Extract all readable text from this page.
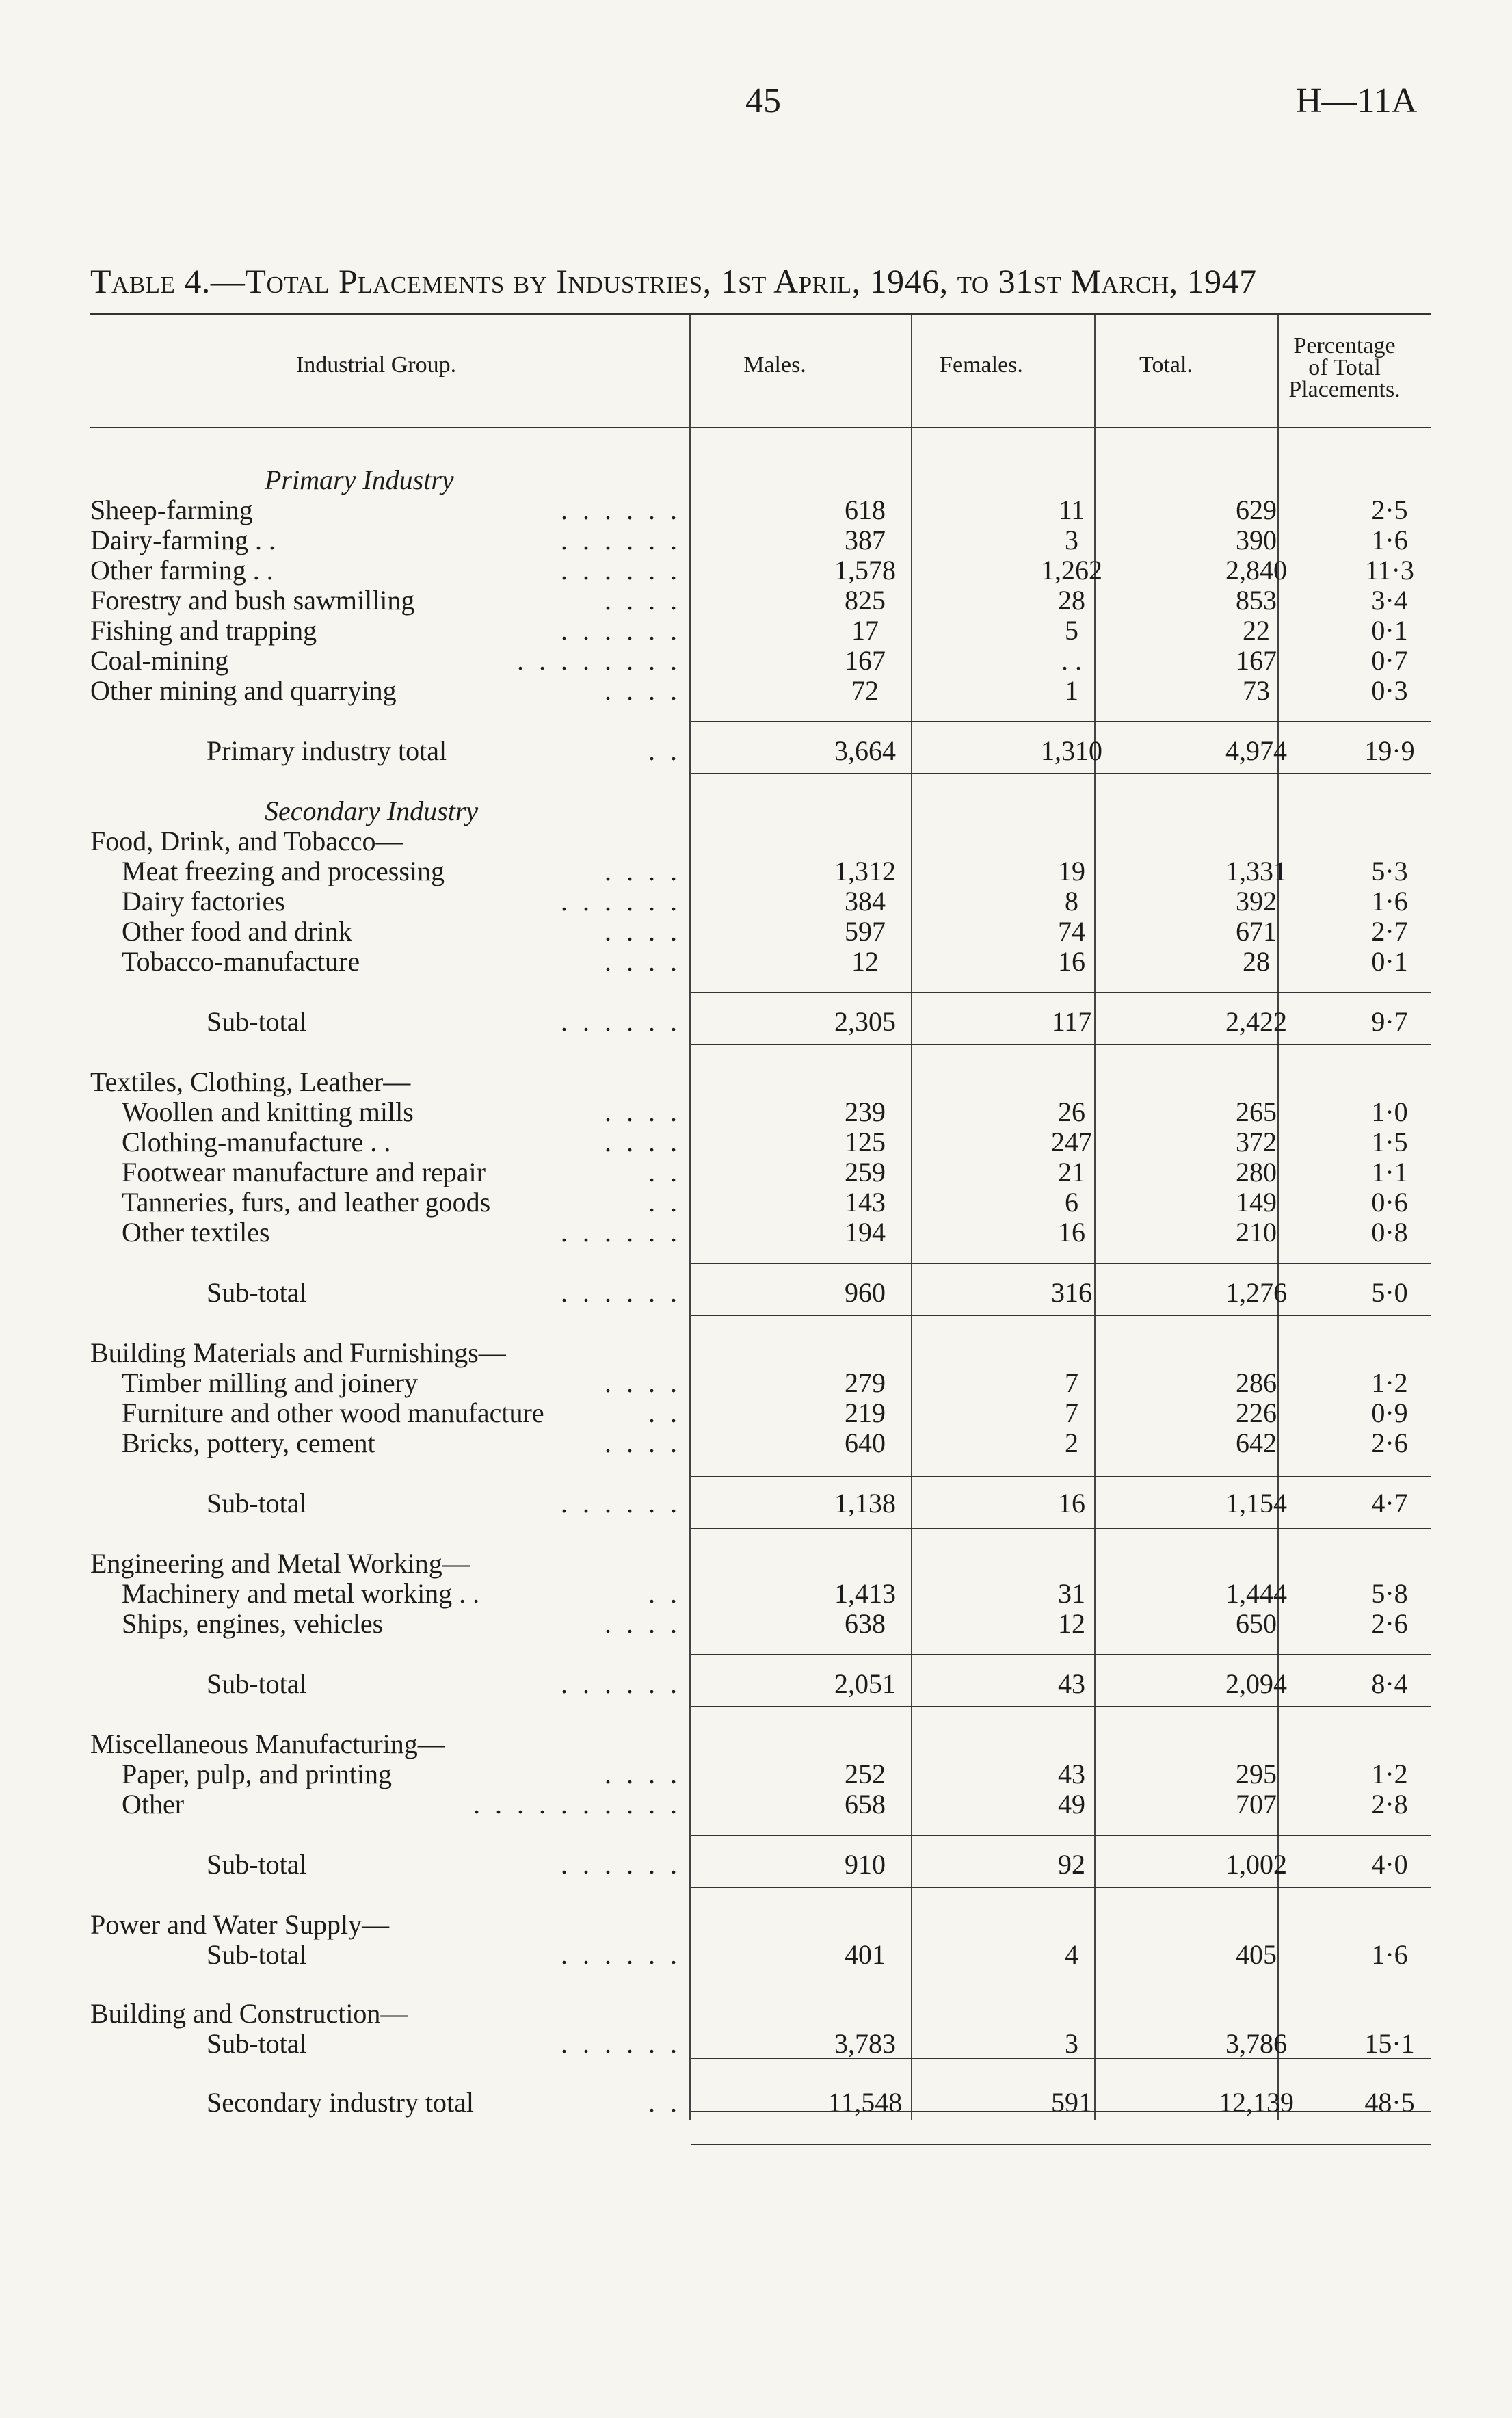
45	H—11A
Table 4.—Total Placements by Industries, 1st April, 1946, to 31st March, 1947
Industrial Group.	Males.	Females.	Total.
Percentage
of Total
Placements.
Primary Industry
Sheep-farming	. . . . . .	618	11	629	2·5
Dairy-farming . .	. . . . . .	387	3	390	1·6
Other farming . .	. . . . . .	1,578	1,262	2,840	11·3
Forestry and bush sawmilling	. . . .	825	28	853	3·4
Fishing and trapping	. . . . . .	17	5	22	0·1
Coal-mining	. . . . . . . .	167	. .	167	0·7
Other mining and quarrying	. . . .	72	1	73	0·3
Primary industry total	. .	3,664	1,310	4,974	19·9
Secondary Industry
Food, Drink, and Tobacco—
Meat freezing and processing	. . . .	1,312	19	1,331	5·3
Dairy factories	. . . . . .	384	8	392	1·6
Other food and drink	. . . .	597	74	671	2·7
Tobacco-manufacture	. . . .	12	16	28	0·1
Sub-total	. . . . . .	2,305	117	2,422	9·7
Textiles, Clothing, Leather—
Woollen and knitting mills	. . . .	239	26	265	1·0
Clothing-manufacture . .	. . . .	125	247	372	1·5
Footwear manufacture and repair	. .	259	21	280	1·1
Tanneries, furs, and leather goods	. .	143	6	149	0·6
Other textiles	. . . . . .	194	16	210	0·8
Sub-total	. . . . . .	960	316	1,276	5·0
Building Materials and Furnishings—
Timber milling and joinery	. . . .	279	7	286	1·2
Furniture and other wood manufacture	. .	219	7	226	0·9
Bricks, pottery, cement	. . . .	640	2	642	2·6
Sub-total	. . . . . .	1,138	16	1,154	4·7
Engineering and Metal Working—
Machinery and metal working . .	. .	1,413	31	1,444	5·8
Ships, engines, vehicles	. . . .	638	12	650	2·6
Sub-total	. . . . . .	2,051	43	2,094	8·4
Miscellaneous Manufacturing—
Paper, pulp, and printing	. . . .	252	43	295	1·2
Other	. . . . . . . . . .	658	49	707	2·8
Sub-total	. . . . . .	910	92	1,002	4·0
Power and Water Supply—
Sub-total	. . . . . .	401	4	405	1·6
Building and Construction—
Sub-total	. . . . . .	3,783	3	3,786	15·1
Secondary industry total	. .	11,548	591	12,139	48·5
